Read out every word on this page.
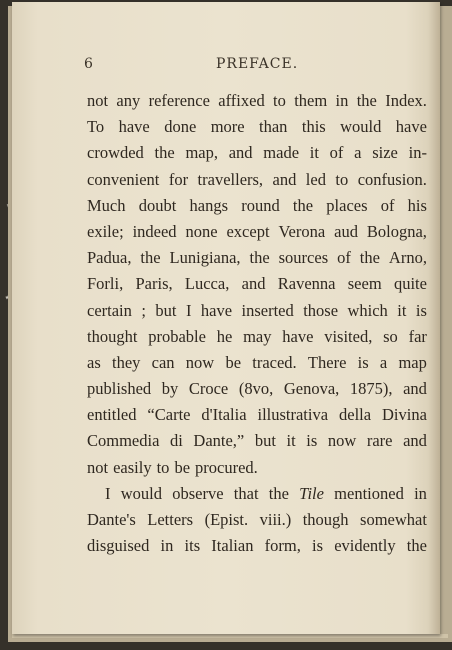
6	PREFACE.
not any reference affixed to them in the Index.
To have done more than this would have
crowded the map, and made it of a size in-
convenient for travellers, and led to confusion.
Much doubt hangs round the places of his
exile; indeed none except Verona aud Bologna,
Padua, the Lunigiana, the sources of the Arno,
Forli, Paris, Lucca, and Ravenna seem quite
certain ; but I have inserted those which it is
thought probable he may have visited, so far
as they can now be traced. There is a map
published by Croce (8vo, Genova, 1875), and
entitled “Carte d'Italia illustrativa della Divina
Commedia di Dante,” but it is now rare and
not easily to be procured.
I would observe that the Tile mentioned in
Dante's Letters (Epist. viii.) though somewhat
disguised in its Italian form, is evidently the
